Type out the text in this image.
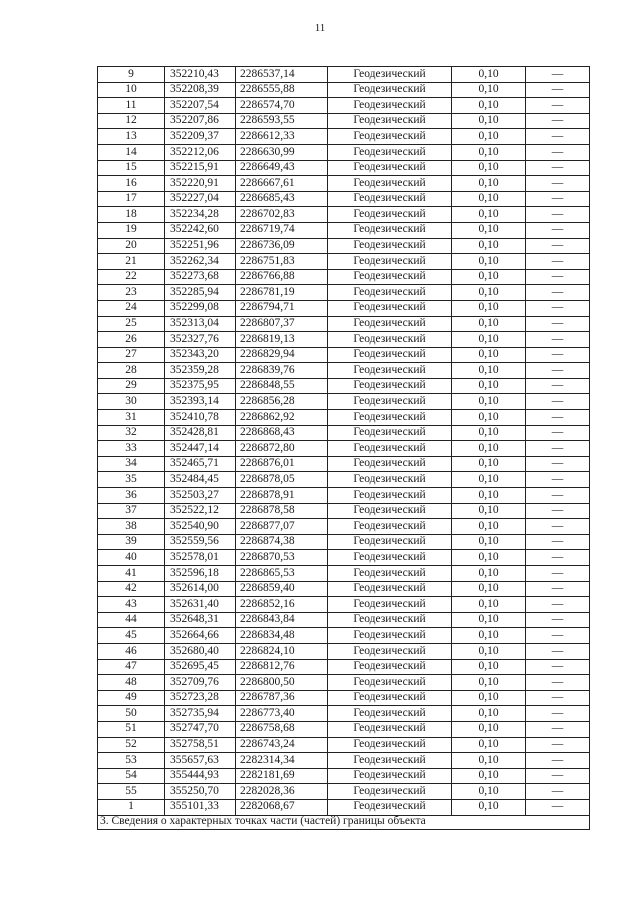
11
9	352210,43	2286537,14	Геодезический	0,10	—
10	352208,39	2286555,88	Геодезический	0,10	—
11	352207,54	2286574,70	Геодезический	0,10	—
12	352207,86	2286593,55	Геодезический	0,10	—
13	352209,37	2286612,33	Геодезический	0,10	—
14	352212,06	2286630,99	Геодезический	0,10	—
15	352215,91	2286649,43	Геодезический	0,10	—
16	352220,91	2286667,61	Геодезический	0,10	—
17	352227,04	2286685,43	Геодезический	0,10	—
18	352234,28	2286702,83	Геодезический	0,10	—
19	352242,60	2286719,74	Геодезический	0,10	—
20	352251,96	2286736,09	Геодезический	0,10	—
21	352262,34	2286751,83	Геодезический	0,10	—
22	352273,68	2286766,88	Геодезический	0,10	—
23	352285,94	2286781,19	Геодезический	0,10	—
24	352299,08	2286794,71	Геодезический	0,10	—
25	352313,04	2286807,37	Геодезический	0,10	—
26	352327,76	2286819,13	Геодезический	0,10	—
27	352343,20	2286829,94	Геодезический	0,10	—
28	352359,28	2286839,76	Геодезический	0,10	—
29	352375,95	2286848,55	Геодезический	0,10	—
30	352393,14	2286856,28	Геодезический	0,10	—
31	352410,78	2286862,92	Геодезический	0,10	—
32	352428,81	2286868,43	Геодезический	0,10	—
33	352447,14	2286872,80	Геодезический	0,10	—
34	352465,71	2286876,01	Геодезический	0,10	—
35	352484,45	2286878,05	Геодезический	0,10	—
36	352503,27	2286878,91	Геодезический	0,10	—
37	352522,12	2286878,58	Геодезический	0,10	—
38	352540,90	2286877,07	Геодезический	0,10	—
39	352559,56	2286874,38	Геодезический	0,10	—
40	352578,01	2286870,53	Геодезический	0,10	—
41	352596,18	2286865,53	Геодезический	0,10	—
42	352614,00	2286859,40	Геодезический	0,10	—
43	352631,40	2286852,16	Геодезический	0,10	—
44	352648,31	2286843,84	Геодезический	0,10	—
45	352664,66	2286834,48	Геодезический	0,10	—
46	352680,40	2286824,10	Геодезический	0,10	—
47	352695,45	2286812,76	Геодезический	0,10	—
48	352709,76	2286800,50	Геодезический	0,10	—
49	352723,28	2286787,36	Геодезический	0,10	—
50	352735,94	2286773,40	Геодезический	0,10	—
51	352747,70	2286758,68	Геодезический	0,10	—
52	352758,51	2286743,24	Геодезический	0,10	—
53	355657,63	2282314,34	Геодезический	0,10	—
54	355444,93	2282181,69	Геодезический	0,10	—
55	355250,70	2282028,36	Геодезический	0,10	—
1	355101,33	2282068,67	Геодезический	0,10	—
3. Сведения о характерных точках части (частей) границы объекта					
